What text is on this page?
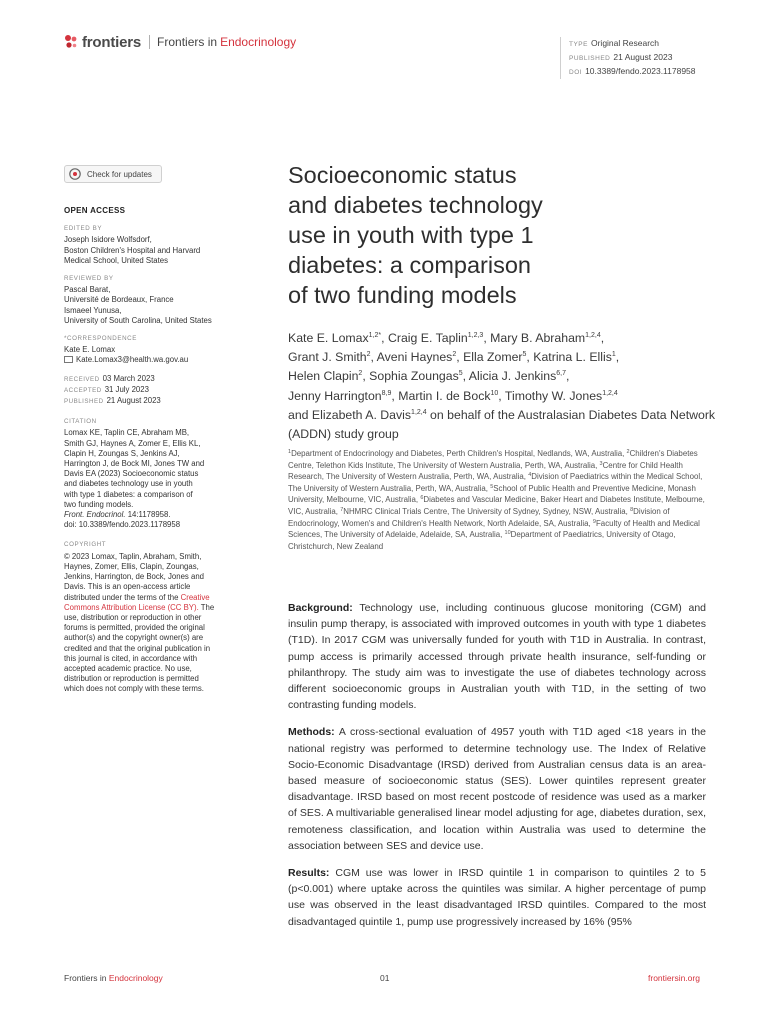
frontiers Frontiers in Endocrinology	TYPE Original Research
PUBLISHED 21 August 2023
DOI 10.3389/fendo.2023.1178958
Check for updates
OPEN ACCESS
EDITED BY

Joseph Isidore Wolfsdorf,

Boston Children's Hospital and Harvard

Medical School, United States

REVIEWED BY

Pascal Barat,

Université de Bordeaux, France

Ismaeel Yunusa,

University of South Carolina, United States

*CORRESPONDENCE

Kate E. Lomax

Kate.Lomax3@health.wa.gov.au

RECEIVED 03 March 2023
ACCEPTED 31 July 2023
PUBLISHED 21 August 2023
CITATION

Lomax KE, Taplin CE, Abraham MB,

Smith GJ, Haynes A, Zomer E, Ellis KL,

Clapin H, Zoungas S, Jenkins AJ,

Harrington J, de Bock MI, Jones TW and

Davis EA (2023) Socioeconomic status

and diabetes technology use in youth

with type 1 diabetes: a comparison of

two funding models.

Front. Endocrinol. 14:1178958.

doi: 10.3389/fendo.2023.1178958

COPYRIGHT

© 2023 Lomax, Taplin, Abraham, Smith,

Haynes, Zomer, Ellis, Clapin, Zoungas,

Jenkins, Harrington, de Bock, Jones and

Davis. This is an open-access article

distributed under the terms of the Creative

Commons Attribution License (CC BY). The

use, distribution or reproduction in other

forums is permitted, provided the original

author(s) and the copyright owner(s) are

credited and that the original publication in

this journal is cited, in accordance with

accepted academic practice. No use,

distribution or reproduction is permitted

which does not comply with these terms.

Socioeconomic status
and diabetes technology
use in youth with type 1
diabetes: a comparison
of two funding models

Kate E. Lomax$^{1,2*}$, Craig E. Taplin$^{1,2,3}$, Mary B. Abraham$^{1,2,4}$,
Grant J. Smith$^2$, Aveni Haynes$^2$, Ella Zomer$^5$, Katrina L. Ellis$^1$,
Helen Clapin$^2$, Sophia Zoungas$^5$, Alicia J. Jenkins$^{6,7}$,
Jenny Harrington$^{8,9}$, Martin I. de Bock$^{10}$, Timothy W. Jones$^{1,2,4}$
and Elizabeth A. Davis$^{1,2,4}$ on behalf of the Australasian Diabetes Data Network (ADDN) study group

$^1$Department of Endocrinology and Diabetes, Perth Children's Hospital, Nedlands, WA, Australia, $^2$Children's Diabetes Centre, Telethon Kids Institute, The University of Western Australia, Perth, WA, Australia, $^3$Centre for Child Health Research, The University of Western Australia, Perth, WA, Australia, $^4$Division of Paediatrics within the Medical School, The University of Western Australia, Perth, WA, Australia, $^5$School of Public Health and Preventive Medicine, Monash University, Melbourne, VIC, Australia, $^6$Diabetes and Vascular Medicine, Baker Heart and Diabetes Institute, Melbourne, VIC, Australia, $^7$NHMRC Clinical Trials Centre, The University of Sydney, Sydney, NSW, Australia, $^8$Division of Endocrinology, Women's and Children's Health Network, North Adelaide, SA, Australia, $^9$Faculty of Health and Medical Sciences, The University of Adelaide, Adelaide, SA, Australia, $^{10}$Department of Paediatrics, University of Otago, Christchurch, New Zealand

Background: Technology use, including continuous glucose monitoring (CGM) and insulin pump therapy, is associated with improved outcomes in youth with type 1 diabetes (T1D). In 2017 CGM was universally funded for youth with T1D in Australia. In contrast, pump access is primarily accessed through private health insurance, self-funding or philanthropy. The study aim was to investigate the use of diabetes technology across different socioeconomic groups in Australian youth with T1D, in the setting of two contrasting funding models.

Methods: A cross-sectional evaluation of 4957 youth with T1D aged <18 years in the national registry was performed to determine technology use. The Index of Relative Socio-Economic Disadvantage (IRSD) derived from Australian census data is an area-based measure of socioeconomic status (SES). Lower quintiles represent greater disadvantage. IRSD based on most recent postcode of residence was used as a marker of SES. A multivariable generalised linear model adjusting for age, diabetes duration, sex, remoteness classification, and location within Australia was used to determine the association between SES and device use.

Results: CGM use was lower in IRSD quintile 1 in comparison to quintiles 2 to 5 (p<0.001) where uptake across the quintiles was similar. A higher percentage of pump use was observed in the least disadvantaged IRSD quintiles. Compared to the most disadvantaged quintile 1, pump use progressively increased by 16% (95%

Frontiers in Endocrinology	01	frontiersin.org
